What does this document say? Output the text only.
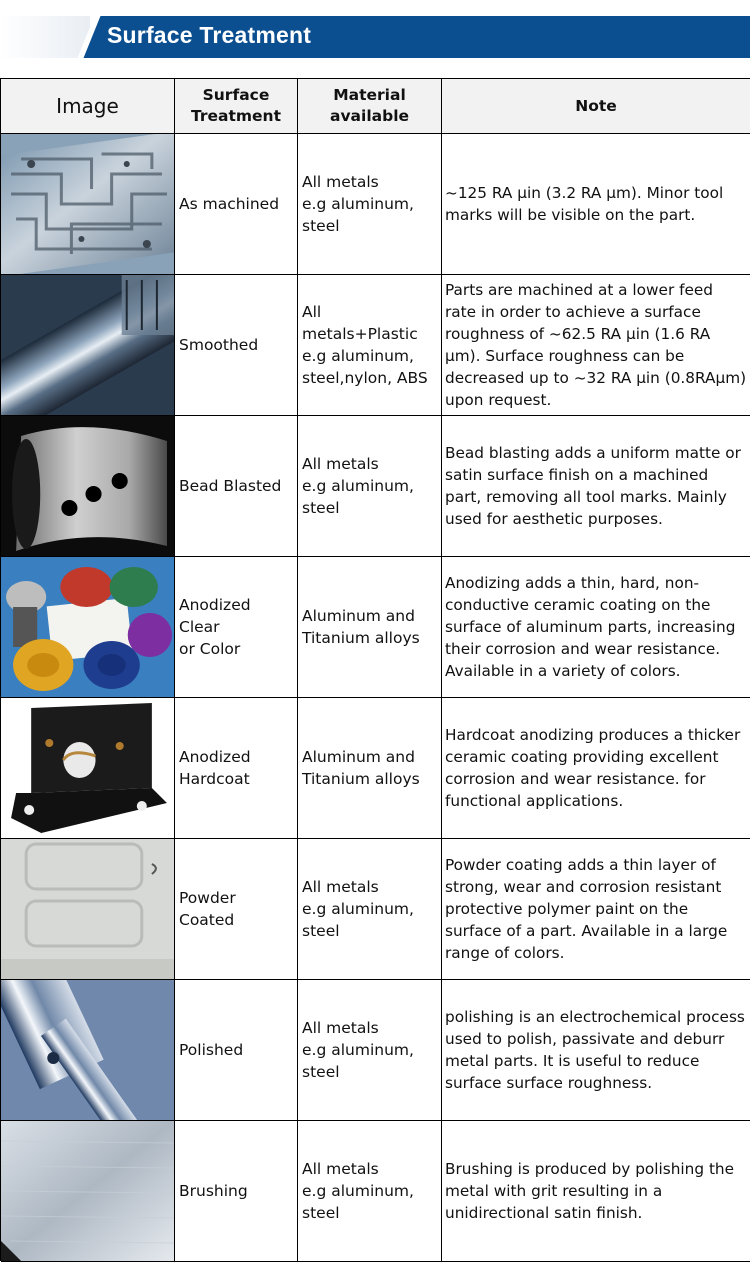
Surface Treatment
Image	Surface
Treatment
Material
available
Note
As machined
All metals
e.g aluminum,
steel
~125 RA μin (3.2 RA μm). Minor tool marks will be visible on the part.
Smoothed
All metals+Plastic
e.g aluminum,
steel,nylon, ABS
Parts are machined at a lower feed rate in order to achieve a surface roughness of ~62.5 RA μin (1.6 RA μm). Surface roughness can be decreased up to ~32 RA μin (0.8RAμm) upon request.
Bead Blasted
All metals
e.g aluminum,
steel
Bead blasting adds a uniform matte or satin surface finish on a machined part, removing all tool marks. Mainly used for aesthetic purposes.
Anodized Clear
or Color
Aluminum and
Titanium alloys
Anodizing adds a thin, hard, non-conductive ceramic coating on the surface of aluminum parts, increasing their corrosion and wear resistance. Available in a variety of colors.
Anodized
Hardcoat
Aluminum and
Titanium alloys
Hardcoat anodizing produces a thicker ceramic coating providing excellent corrosion and wear resistance. for functional applications.
Powder
Coated
All metals
e.g aluminum,
steel
Powder coating adds a thin layer of strong, wear and corrosion resistant protective polymer paint on the surface of a part. Available in a large range of colors.
Polished
All metals
e.g aluminum,
steel
polishing is an electrochemical process used to polish, passivate and deburr metal parts. It is useful to reduce surface surface roughness.
Brushing
All metals
e.g aluminum,
steel
Brushing is produced by polishing the metal with grit resulting in a unidirectional satin finish.
